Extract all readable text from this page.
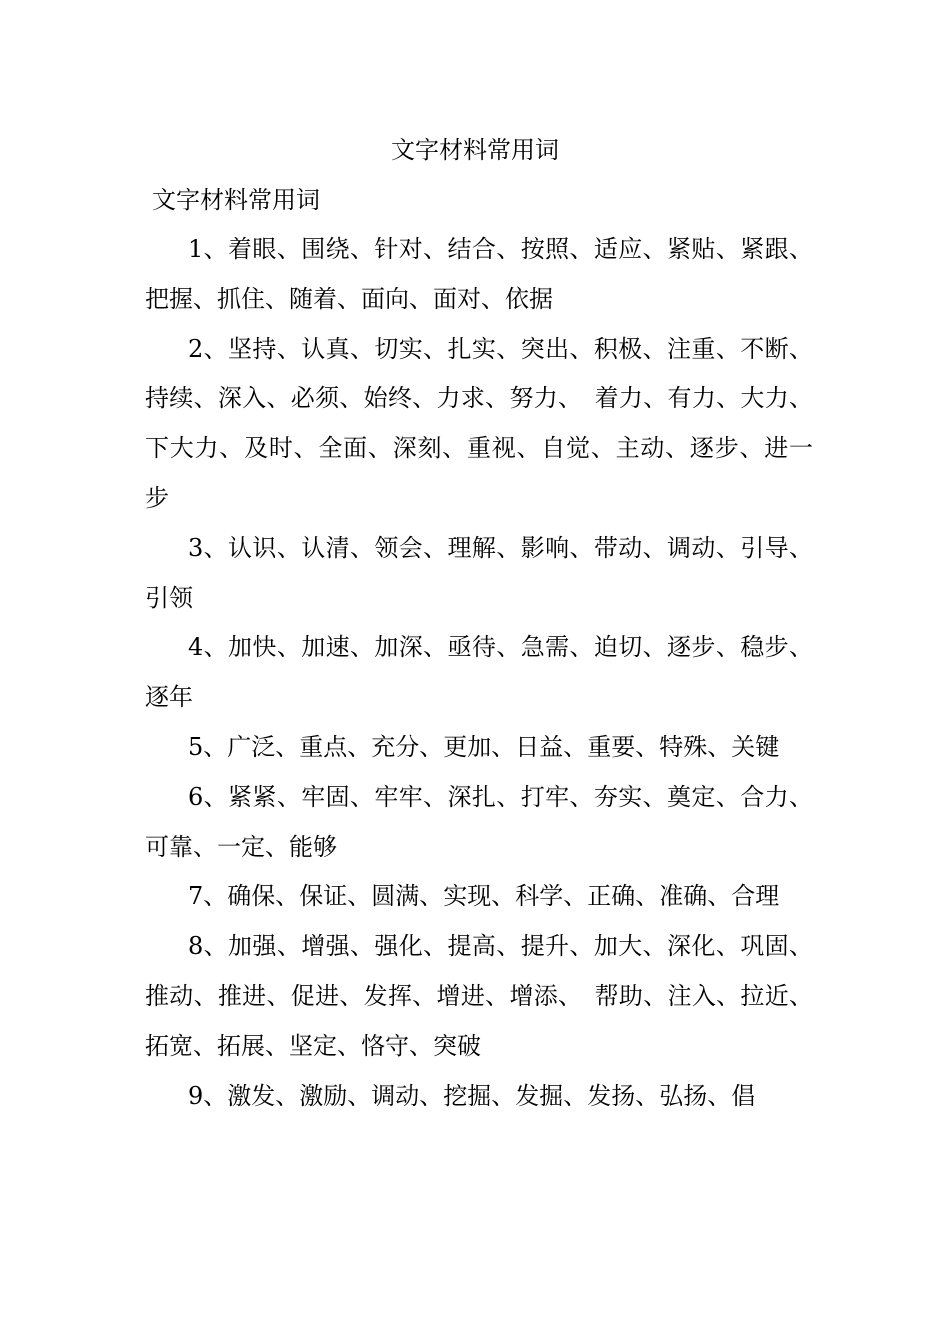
文字材料常用词
文字材料常用词

1、着眼、围绕、针对、结合、按照、适应、紧贴、紧跟、把握、抓住、随着、面向、面对、依据

2、坚持、认真、切实、扎实、突出、积极、注重、不断、持续、深入、必须、始终、力求、努力、　着力、有力、大力、下大力、及时、全面、深刻、重视、自觉、主动、逐步、进一步

3、认识、认清、领会、理解、影响、带动、调动、引导、引领

4、加快、加速、加深、亟待、急需、迫切、逐步、稳步、逐年

5、广泛、重点、充分、更加、日益、重要、特殊、关键

6、紧紧、牢固、牢牢、深扎、打牢、夯实、奠定、合力、可靠、一定、能够

7、确保、保证、圆满、实现、科学、正确、准确、合理

8、加强、增强、强化、提高、提升、加大、深化、巩固、推动、推进、促进、发挥、增进、增添、　帮助、注入、拉近、拓宽、拓展、坚定、恪守、突破

9、激发、激励、调动、挖掘、发掘、发扬、弘扬、倡
